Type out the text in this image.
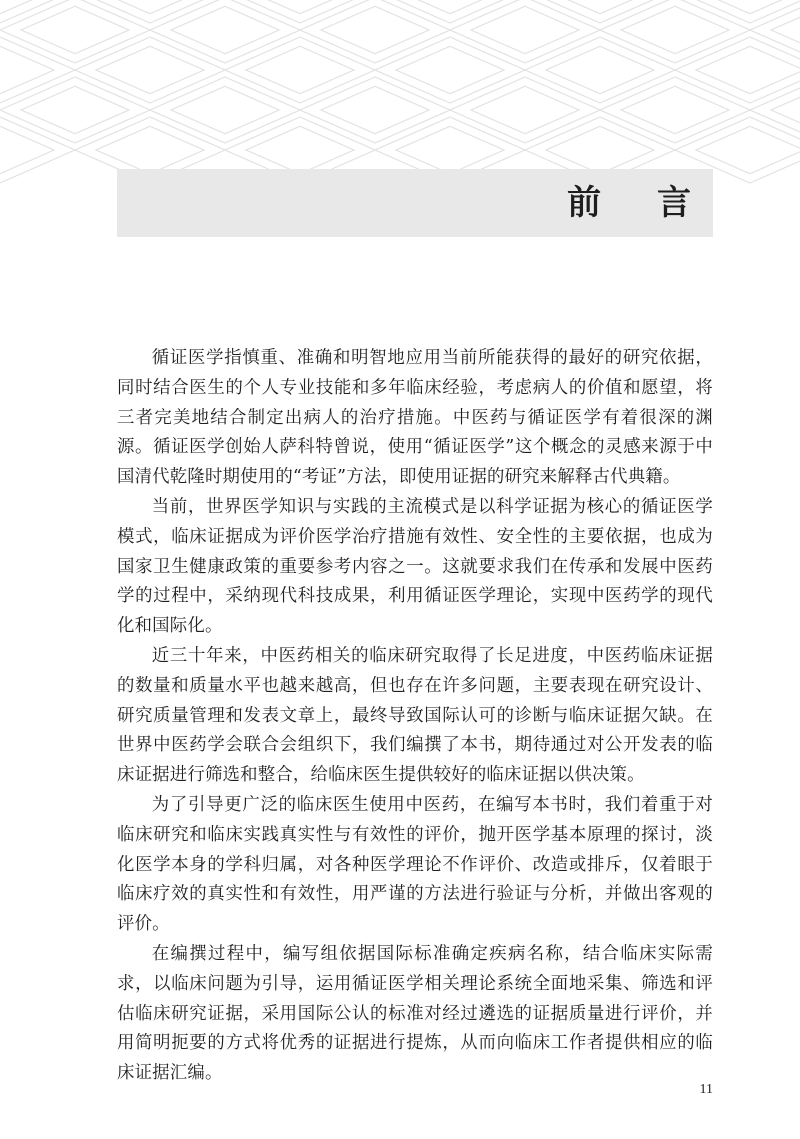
前 言

循证医学指慎重、准确和明智地应用当前所能获得的最好的研究依据，同时结合医生的个人专业技能和多年临床经验，考虑病人的价值和愿望，将三者完美地结合制定出病人的治疗措施。中医药与循证医学有着很深的渊源。循证医学创始人萨科特曾说，使用“循证医学”这个概念的灵感来源于中国清代乾隆时期使用的“考证”方法，即使用证据的研究来解释古代典籍。

当前，世界医学知识与实践的主流模式是以科学证据为核心的循证医学模式，临床证据成为评价医学治疗措施有效性、安全性的主要依据，也成为国家卫生健康政策的重要参考内容之一。这就要求我们在传承和发展中医药学的过程中，采纳现代科技成果，利用循证医学理论，实现中医药学的现代化和国际化。

近三十年来，中医药相关的临床研究取得了长足进度，中医药临床证据的数量和质量水平也越来越高，但也存在许多问题，主要表现在研究设计、研究质量管理和发表文章上，最终导致国际认可的诊断与临床证据欠缺。在世界中医药学会联合会组织下，我们编撰了本书，期待通过对公开发表的临床证据进行筛选和整合，给临床医生提供较好的临床证据以供决策。

为了引导更广泛的临床医生使用中医药，在编写本书时，我们着重于对临床研究和临床实践真实性与有效性的评价，抛开医学基本原理的探讨，淡化医学本身的学科归属，对各种医学理论不作评价、改造或排斥，仅着眼于临床疗效的真实性和有效性，用严谨的方法进行验证与分析，并做出客观的评价。

在编撰过程中，编写组依据国际标准确定疾病名称，结合临床实际需求，以临床问题为引导，运用循证医学相关理论系统全面地采集、筛选和评估临床研究证据，采用国际公认的标准对经过遴选的证据质量进行评价，并用简明扼要的方式将优秀的证据进行提炼，从而向临床工作者提供相应的临床证据汇编。

11
